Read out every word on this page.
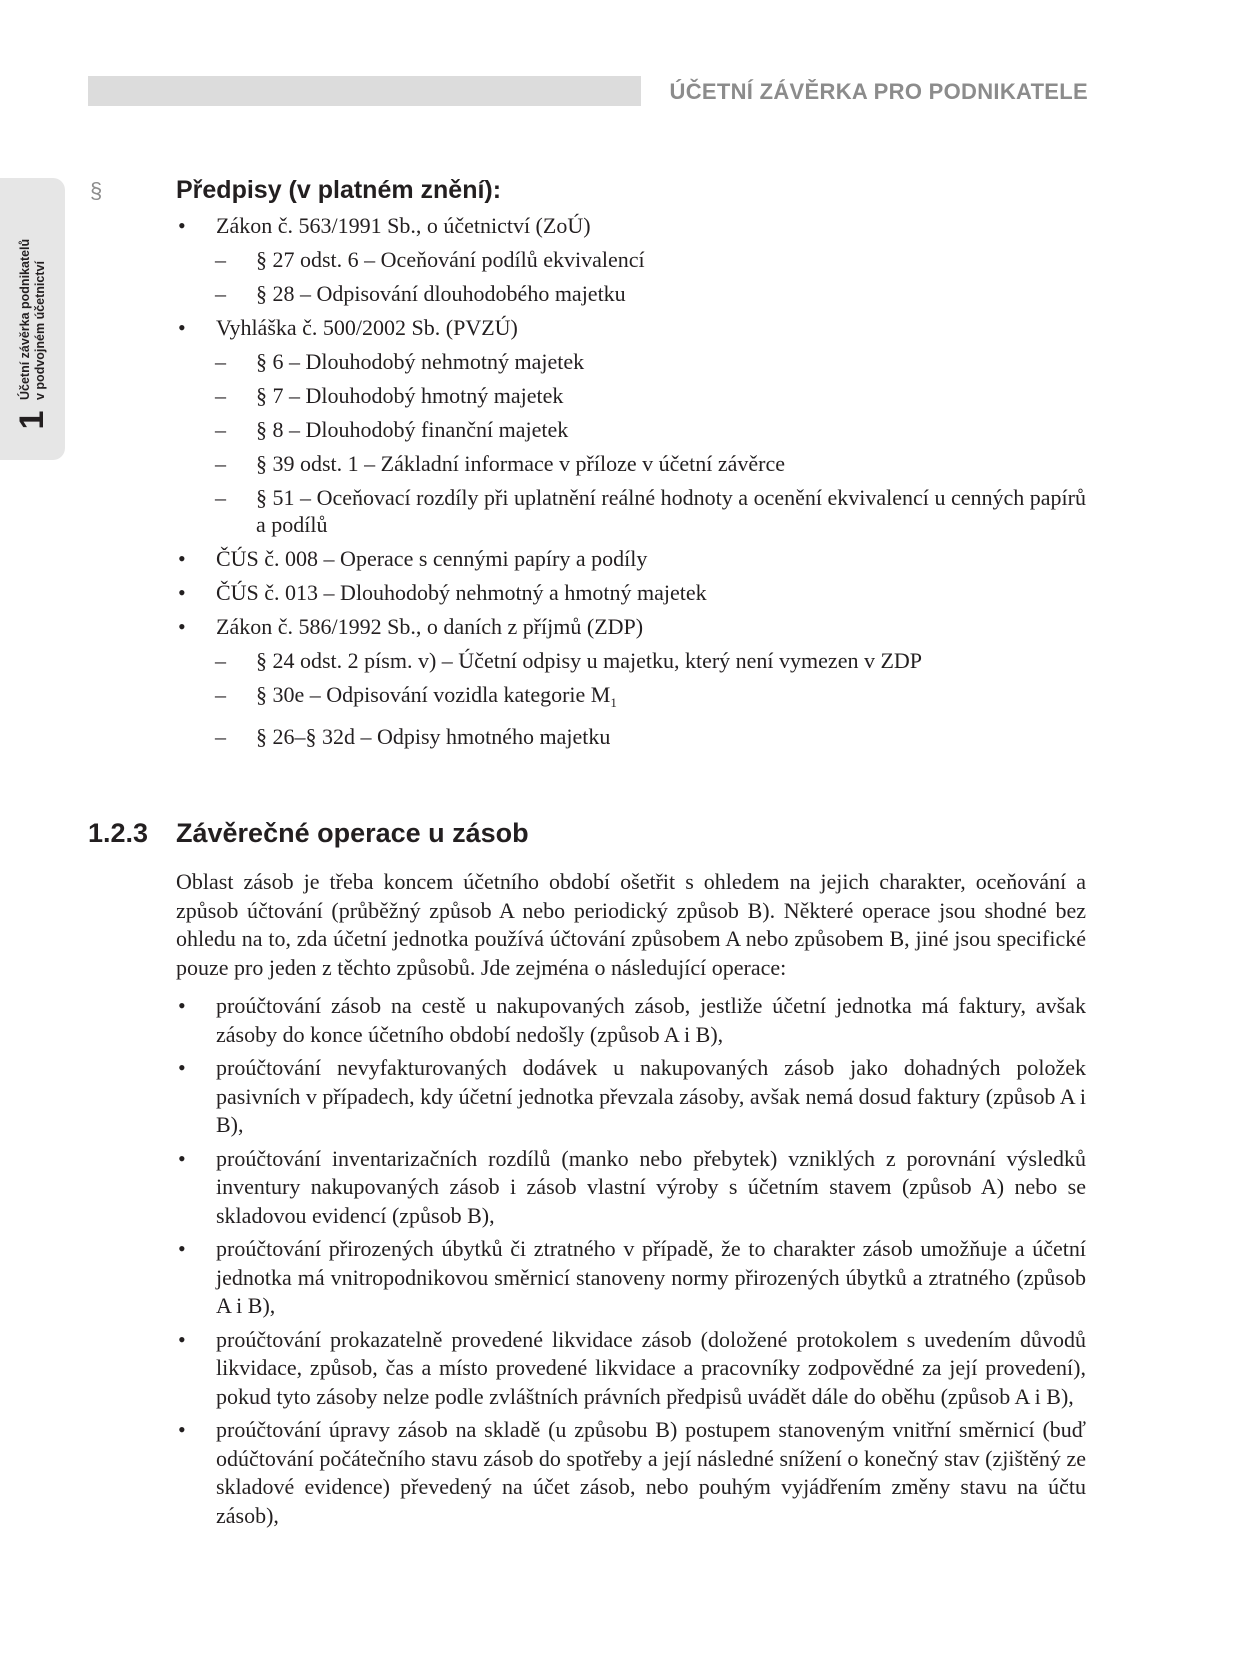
ÚČETNÍ ZÁVĚRKA PRO PODNIKATELE
Účetní závěrka podnikatelů v podvojném účetnictví
1
§	Předpisy (v platném znění):
• Zákon č. 563/1991 Sb., o účetnictví (ZoÚ)
– § 27 odst. 6 – Oceňování podílů ekvivalencí
– § 28 – Odpisování dlouhodobého majetku
• Vyhláška č. 500/2002 Sb. (PVZÚ)
– § 6 – Dlouhodobý nehmotný majetek
– § 7 – Dlouhodobý hmotný majetek
– § 8 – Dlouhodobý finanční majetek
– § 39 odst. 1 – Základní informace v příloze v účetní závěrce
– § 51 – Oceňovací rozdíly při uplatnění reálné hodnoty a ocenění ekvivalencí u cenných papírů a podílů
• ČÚS č. 008 – Operace s cennými papíry a podíly
• ČÚS č. 013 – Dlouhodobý nehmotný a hmotný majetek
• Zákon č. 586/1992 Sb., o daních z příjmů (ZDP)
– § 24 odst. 2 písm. v) – Účetní odpisy u majetku, který není vymezen v ZDP
– § 30e – Odpisování vozidla kategorie $M_1$
– § 26–§ 32d – Odpisy hmotného majetku
1.2.3 Závěrečné operace u zásob

Oblast zásob je třeba koncem účetního období ošetřit s ohledem na jejich charakter, oceňování a způsob účtování (průběžný způsob A nebo periodický způsob B). Některé operace jsou shodné bez ohledu na to, zda účetní jednotka používá účtování způsobem A nebo způsobem B, jiné jsou specifické pouze pro jeden z těchto způsobů. Jde zejména o následující operace:

• proúčtování zásob na cestě u nakupovaných zásob, jestliže účetní jednotka má faktury, avšak zásoby do konce účetního období nedošly (způsob A i B),
• proúčtování nevyfakturovaných dodávek u nakupovaných zásob jako dohadných položek pasivních v případech, kdy účetní jednotka převzala zásoby, avšak nemá dosud faktury (způsob A i B),
• proúčtování inventarizačních rozdílů (manko nebo přebytek) vzniklých z porovnání výsledků inventury nakupovaných zásob i zásob vlastní výroby s účetním stavem (způsob A) nebo se skladovou evidencí (způsob B),
• proúčtování přirozených úbytků či ztratného v případě, že to charakter zásob umožňuje a účetní jednotka má vnitropodnikovou směrnicí stanoveny normy přirozených úbytků a ztratného (způsob A i B),
• proúčtování prokazatelně provedené likvidace zásob (doložené protokolem s uvedením důvodů likvidace, způsob, čas a místo provedené likvidace a pracovníky zodpovědné za její provedení), pokud tyto zásoby nelze podle zvláštních právních předpisů uvádět dále do oběhu (způsob A i B),
• proúčtování úpravy zásob na skladě (u způsobu B) postupem stanoveným vnitřní směrnicí (buď odúčtování počátečního stavu zásob do spotřeby a její následné snížení o konečný stav (zjištěný ze skladové evidence) převedený na účet zásob, nebo pouhým vyjádřením změny stavu na účtu zásob),
